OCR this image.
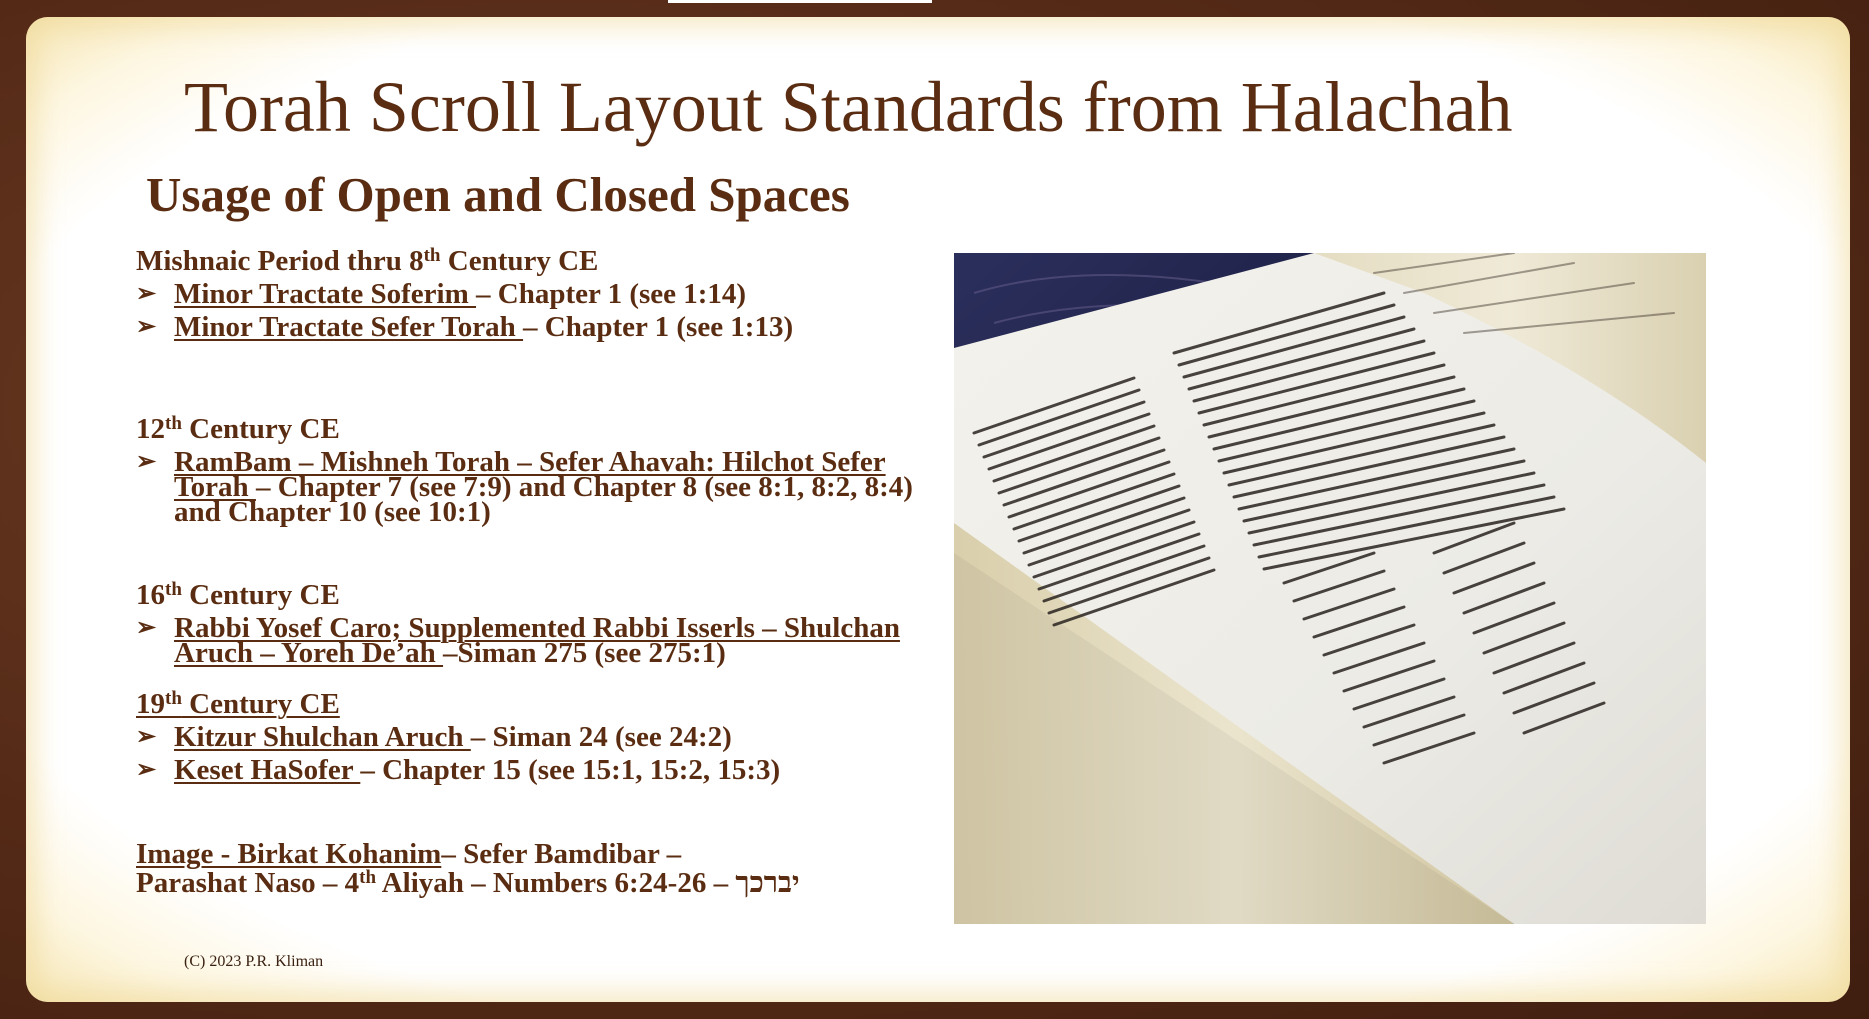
Torah Scroll Layout Standards from Halachah
Usage of Open and Closed Spaces
Mishnaic Period thru 8th Century CE
➢ Minor Tractate Soferim – Chapter 1 (see 1:14)
➢ Minor Tractate Sefer Torah – Chapter 1 (see 1:13)
12th Century CE
➢ RamBam – Mishneh Torah – Sefer Ahavah: Hilchot Sefer Torah – Chapter 7 (see 7:9) and Chapter 8 (see 8:1, 8:2, 8:4) and Chapter 10 (see 10:1)
16th Century CE
➢ Rabbi Yosef Caro; Supplemented Rabbi Isserls – Shulchan Aruch – Yoreh De’ah –Siman 275 (see 275:1)
19th Century CE
➢ Kitzur Shulchan Aruch – Siman 24 (see 24:2)
➢ Keset HaSofer – Chapter 15 (see 15:1, 15:2, 15:3)
Image - Birkat Kohanim– Sefer Bamdibar –
Parashat Naso – 4th Aliyah – Numbers 6:24-26 – יברכך
(C) 2023 P.R. Kliman
